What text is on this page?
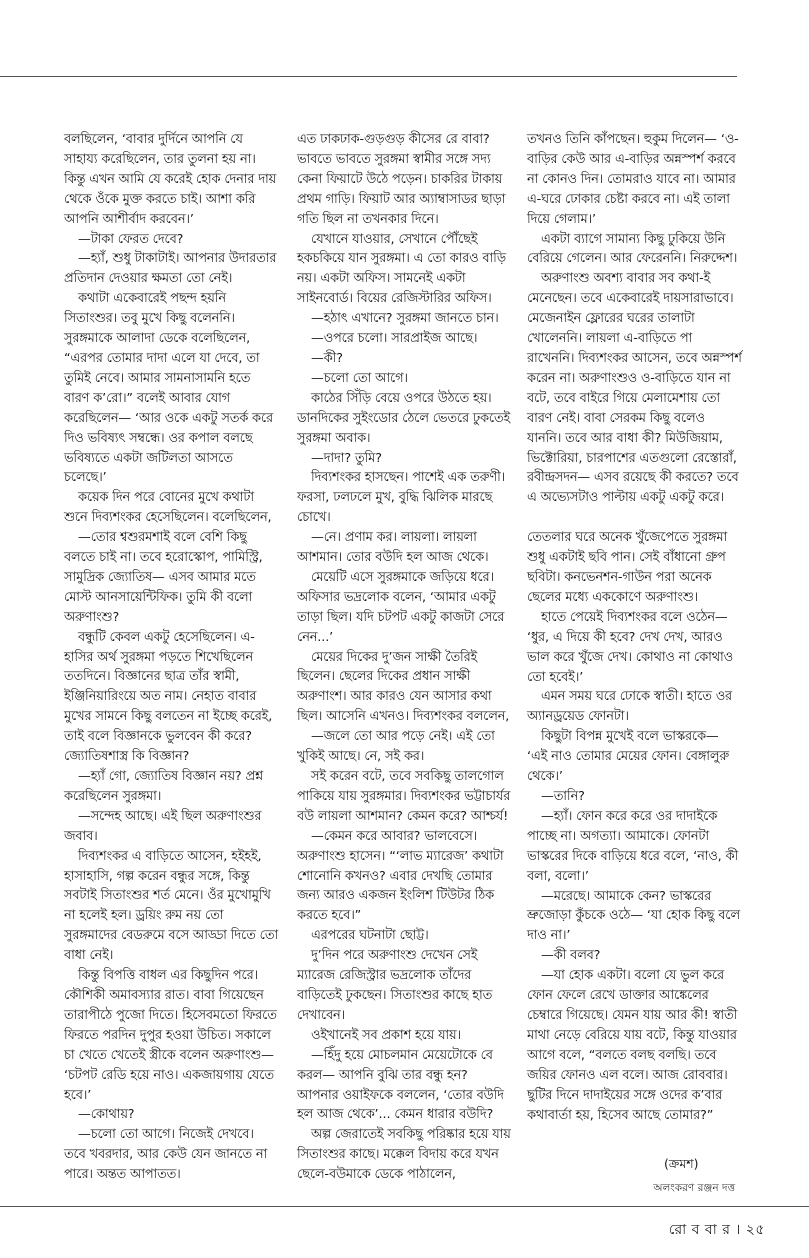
বলছিলেন, ‘বাবার দুর্দিনে আপনি যে সাহায্য করেছিলেন, তার তুলনা হয় না। কিন্তু এখন আমি যে করেই হোক দেনার দায় থেকে ওঁকে মুক্ত করতে চাই। আশা করি আপনি আশীর্বাদ করবেন।’

—টাকা ফেরত দেবে?

—হ্যাঁ, শুধু টাকাটাই। আপনার উদারতার প্রতিদান দেওয়ার ক্ষমতা তো নেই।

কথাটা একেবারেই পছন্দ হয়নি সিতাংশুর। তবু মুখে কিছু বলেননি। সুরঙ্গমাকে আলাদা ডেকে বলেছিলেন, “এরপর তোমার দাদা এলে যা দেবে, তা তুমিই নেবে। আমার সামনাসামনি হতে বারণ ক’রো।” বলেই আবার যোগ করেছিলেন— ‘আর ওকে একটু সতর্ক করে দিও ভবিষ্যৎ সম্বন্ধে। ওর কপাল বলছে ভবিষ্যতে একটা জটিলতা আসতে চলেছে।’

কয়েক দিন পরে বোনের মুখে কথাটা শুনে দিব্যশংকর হেসেছিলেন। বলেছিলেন,

—তোর শ্বশুরমশাই বলে বেশি কিছু বলতে চাই না। তবে হরোস্কোপ, পামিস্ট্রি, সামুদ্রিক জ্যোতিষ— এসব আমার মতে মোস্ট আনসায়েন্টিফিক। তুমি কী বলো অরুণাংশু?

বন্ধুটি কেবল একটু হেসেছিলেন। এ-হাসির অর্থ সুরঙ্গমা পড়তে শিখেছিলেন ততদিনে। বিজ্ঞানের ছাত্র তাঁর স্বামী, ইঞ্জিনিয়ারিংয়ে অত নাম। নেহাত বাবার মুখের সামনে কিছু বলতেন না ইচ্ছে করেই, তাই বলে বিজ্ঞানকে ভুলবেন কী করে? জ্যোতিষশাস্ত্র কি বিজ্ঞান?

—হ্যাঁ গো, জ্যোতিষ বিজ্ঞান নয়? প্রশ্ন করেছিলেন সুরঙ্গমা।

—সন্দেহ আছে। এই ছিল অরুণাংশুর জবাব।

দিব্যশংকর এ বাড়িতে আসেন, হইহই, হাসাহাসি, গল্প করেন বন্ধুর সঙ্গে, কিন্তু সবটাই সিতাংশুর শর্ত মেনে। ওঁর মুখোমুখি না হলেই হল। ড্রয়িং রুম নয় তো সুরঙ্গমাদের বেডরুমে বসে আড্ডা দিতে তো বাধা নেই।

কিন্তু বিপত্তি বাধল এর কিছুদিন পরে। কৌশিকী অমাবস্যার রাত। বাবা গিয়েছেন তারাপীঠে পুজো দিতে। হিসেবমতো ফিরতে ফিরতে পরদিন দুপুর হওয়া উচিত। সকালে চা খেতে খেতেই স্ত্রীকে বলেন অরুণাংশু— ‘চটপট রেডি হয়ে নাও। একজায়গায় যেতে হবে।’

—কোথায়?

—চলো তো আগে। নিজেই দেখবে। তবে খবরদার, আর কেউ যেন জানতে না পারে। অন্তত আপাতত।

এত ঢাকঢাক-গুড়গুড় কীসের রে বাবা? ভাবতে ভাবতে সুরঙ্গমা স্বামীর সঙ্গে সদ্য কেনা ফিয়াটে উঠে পড়েন। চাকরির টাকায় প্রথম গাড়ি। ফিয়াট আর অ্যাম্বাসাডর ছাড়া গতি ছিল না তখনকার দিনে।

যেখানে যাওয়ার, সেখানে পৌঁছেই হকচকিয়ে যান সুরঙ্গমা। এ তো কারও বাড়ি নয়। একটা অফিস। সামনেই একটা সাইনবোর্ড। বিয়ের রেজিস্টারির অফিস।

—হঠাৎ এখানে? সুরঙ্গমা জানতে চান।

—ওপরে চলো। সারপ্রাইজ আছে।

—কী?

—চলো তো আগে।

কাঠের সিঁড়ি বেয়ে ওপরে উঠতে হয়। ডানদিকের সুইংডোর ঠেলে ভেতরে ঢুকতেই সুরঙ্গমা অবাক।

—দাদা? তুমি?

দিব্যশংকর হাসছেন। পাশেই এক তরুণী। ফরসা, ঢলঢলে মুখ, বুদ্ধি ঝিলিক মারছে চোখে।

—নে। প্রণাম কর। লায়লা। লায়লা আশমান। তোর বউদি হল আজ থেকে।

মেয়েটি এসে সুরঙ্গমাকে জড়িয়ে ধরে। অফিসার ভদ্রলোক বলেন, ‘আমার একটু তাড়া ছিল। যদি চটপট একটু কাজটা সেরে নেন...’

মেয়ের দিকের দু’জন সাক্ষী তৈরিই ছিলেন। ছেলের দিকের প্রধান সাক্ষী অরুণাংশ। আর কারও যেন আসার কথা ছিল। আসেনি এখনও। দিব্যশংকর বললেন,

—জলে তো আর পড়ে নেই। এই তো খুকিই আছে। নে, সই কর।

সই করেন বটে, তবে সবকিছু তালগোল পাকিয়ে যায় সুরঙ্গমার। দিব্যশংকর ভট্টাচার্যর বউ লায়লা আশমান? কেমন করে? আশ্চর্য!

—কেমন করে আবার? ভালবেসে। অরুণাংশু হাসেন। “‘লাভ ম্যারেজ’ কথাটা শোনোনি কখনও? এবার দেখছি তোমার জন্য আরও একজন ইংলিশ টিউটর ঠিক করতে হবে।”

এরপরের ঘটনাটা ছোট্ট।

দু’দিন পরে অরুণাংশু দেখেন সেই ম্যারেজ রেজিস্ট্রার ভদ্রলোক তাঁদের বাড়িতেই ঢুকছেন। সিতাংশুর কাছে হাত দেখাবেন।

ওইখানেই সব প্রকাশ হয়ে যায়।

—হিঁদু হয়ে মোচলমান মেয়েটোকে বে করল— আপনি বুঝি তার বন্ধু হন? আপনার ওয়াইফকে বললেন, ‘তোর বউদি হল আজ থেকে’... কেমন ধারার বউদি?

অল্প জেরাতেই সবকিছু পরিষ্কার হয়ে যায় সিতাংশুর কাছে। মক্কেল বিদায় করে যখন ছেলে-বউমাকে ডেকে পাঠালেন,

তখনও তিনি কাঁপছেন। হুকুম দিলেন— ‘ও-বাড়ির কেউ আর এ-বাড়ির অন্নস্পর্শ করবে না কোনও দিন। তোমরাও যাবে না। আমার এ-ঘরে ঢোকার চেষ্টা করবে না। এই তালা দিয়ে গেলাম।’

একটা ব্যাগে সামান্য কিছু ঢুকিয়ে উনি বেরিয়ে গেলেন। আর ফেরেননি। নিরুদ্দেশ।

অরুণাংশু অবশ্য বাবার সব কথা-ই মেনেছেন। তবে একেবারেই দায়সারাভাবে। মেজেনাইন ফ্লোরের ঘরের তালাটা খোলেননি। লায়লা এ-বাড়িতে পা রাখেননি। দিব্যশংকর আসেন, তবে অন্নস্পর্শ করেন না। অরুণাংশুও ও-বাড়িতে যান না বটে, তবে বাইরে গিয়ে মেলামেশায় তো বারণ নেই। বাবা সেরকম কিছু বলেও যাননি। তবে আর বাধা কী? মিউজিয়াম, ভিক্টোরিয়া, চারপাশের এতগুলো রেস্তোরাঁ, রবীন্দ্রসদন— এসব রয়েছে কী করতে? তবে এ অভ্যেসটাও পাল্টায় একটু একটু করে।

তেতলার ঘরে অনেক খুঁজেপেতে সুরঙ্গমা শুধু একটাই ছবি পান। সেই বাঁধানো গ্রুপ ছবিটা। কনভেনশন-গাউন পরা অনেক ছেলের মধ্যে এককোণে অরুণাংশু।

হাতে পেয়েই দিব্যশংকর বলে ওঠেন— ‘ধুর, এ দিয়ে কী হবে? দেখ দেখ, আরও ভাল করে খুঁজে দেখ। কোথাও না কোথাও তো হবেই।’

এমন সময় ঘরে ঢোকে স্বাতী। হাতে ওর অ্যানড্রয়েড ফোনটা।

কিছুটা বিপন্ন মুখেই বলে ভাস্করকে— ‘এই নাও তোমার মেয়ের ফোন। বেঙ্গালুরু থেকে।’

—তানি?

—হ্যাঁ। ফোন করে করে ওর দাদাইকে পাচ্ছে না। অগত্যা। আমাকে। ফোনটা ভাস্করের দিকে বাড়িয়ে ধরে বলে, ‘নাও, কী বলা, বলো।’

—মরেছে। আমাকে কেন? ভাস্করের ভ্রুজোড়া কুঁচকে ওঠে— ‘যা হোক কিছু বলে দাও না।’

—কী বলব?

—যা হোক একটা। বলো যে ভুল করে ফোন ফেলে রেখে ডাক্তার আঙ্কেলের চেম্বারে গিয়েছে। যেমন যায় আর কী! স্বাতী মাথা নেড়ে বেরিয়ে যায় বটে, কিন্তু যাওয়ার আগে বলে, “বলতে বলছ বলছি। তবে জয়ির ফোনও এল বলে। আজ রোববার। ছুটির দিনে দাদাইয়ের সঙ্গে ওদের ক’বার কথাবার্তা হয়, হিসেব আছে তোমার?”

(ক্রমশ)
অলংকরণ রঞ্জন দত্ত
রো ব বা র । ২৫
